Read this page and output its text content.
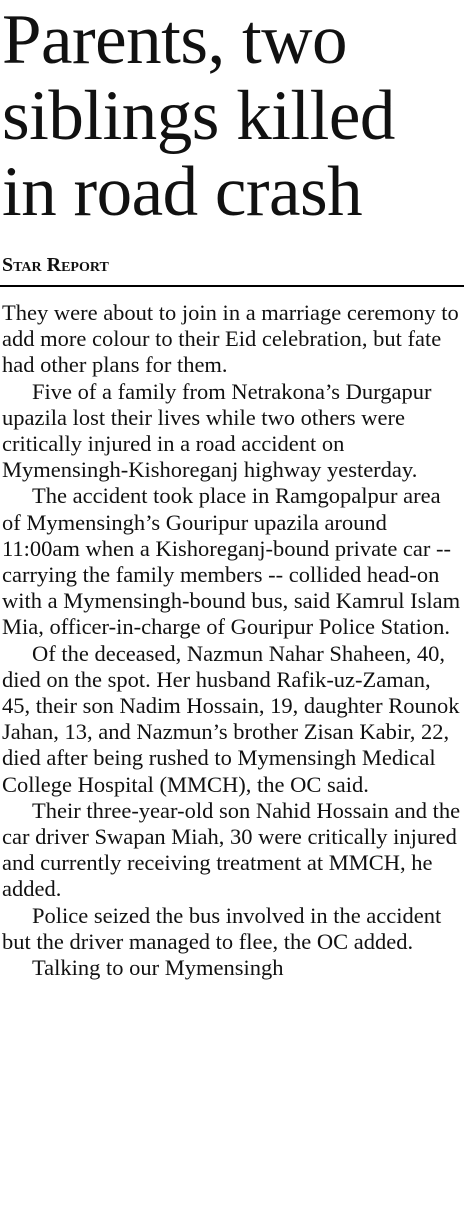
Parents, two siblings killed in road crash
Star Report

They were about to join in a marriage ceremony to add more colour to their Eid celebration, but fate had other plans for them.

Five of a family from Netrakona’s Durgapur upazila lost their lives while two others were critically injured in a road accident on Mymensingh-Kishoreganj highway yesterday.

The accident took place in Ramgopalpur area of Mymensingh’s Gouripur upazila around 11:00am when a Kishoreganj-bound private car -- carrying the family members -- collided head-on with a Mymensingh-bound bus, said Kamrul Islam Mia, officer-in-charge of Gouripur Police Station.

Of the deceased, Nazmun Nahar Shaheen, 40, died on the spot. Her husband Rafik-uz-Zaman, 45, their son Nadim Hossain, 19, daughter Rounok Jahan, 13, and Nazmun’s brother Zisan Kabir, 22, died after being rushed to Mymensingh Medical College Hospital (MMCH), the OC said.

Their three-year-old son Nahid Hossain and the car driver Swapan Miah, 30 were critically injured and currently receiving treatment at MMCH, he added.

Police seized the bus involved in the accident but the driver managed to flee, the OC added.

Talking to our Mymensingh
